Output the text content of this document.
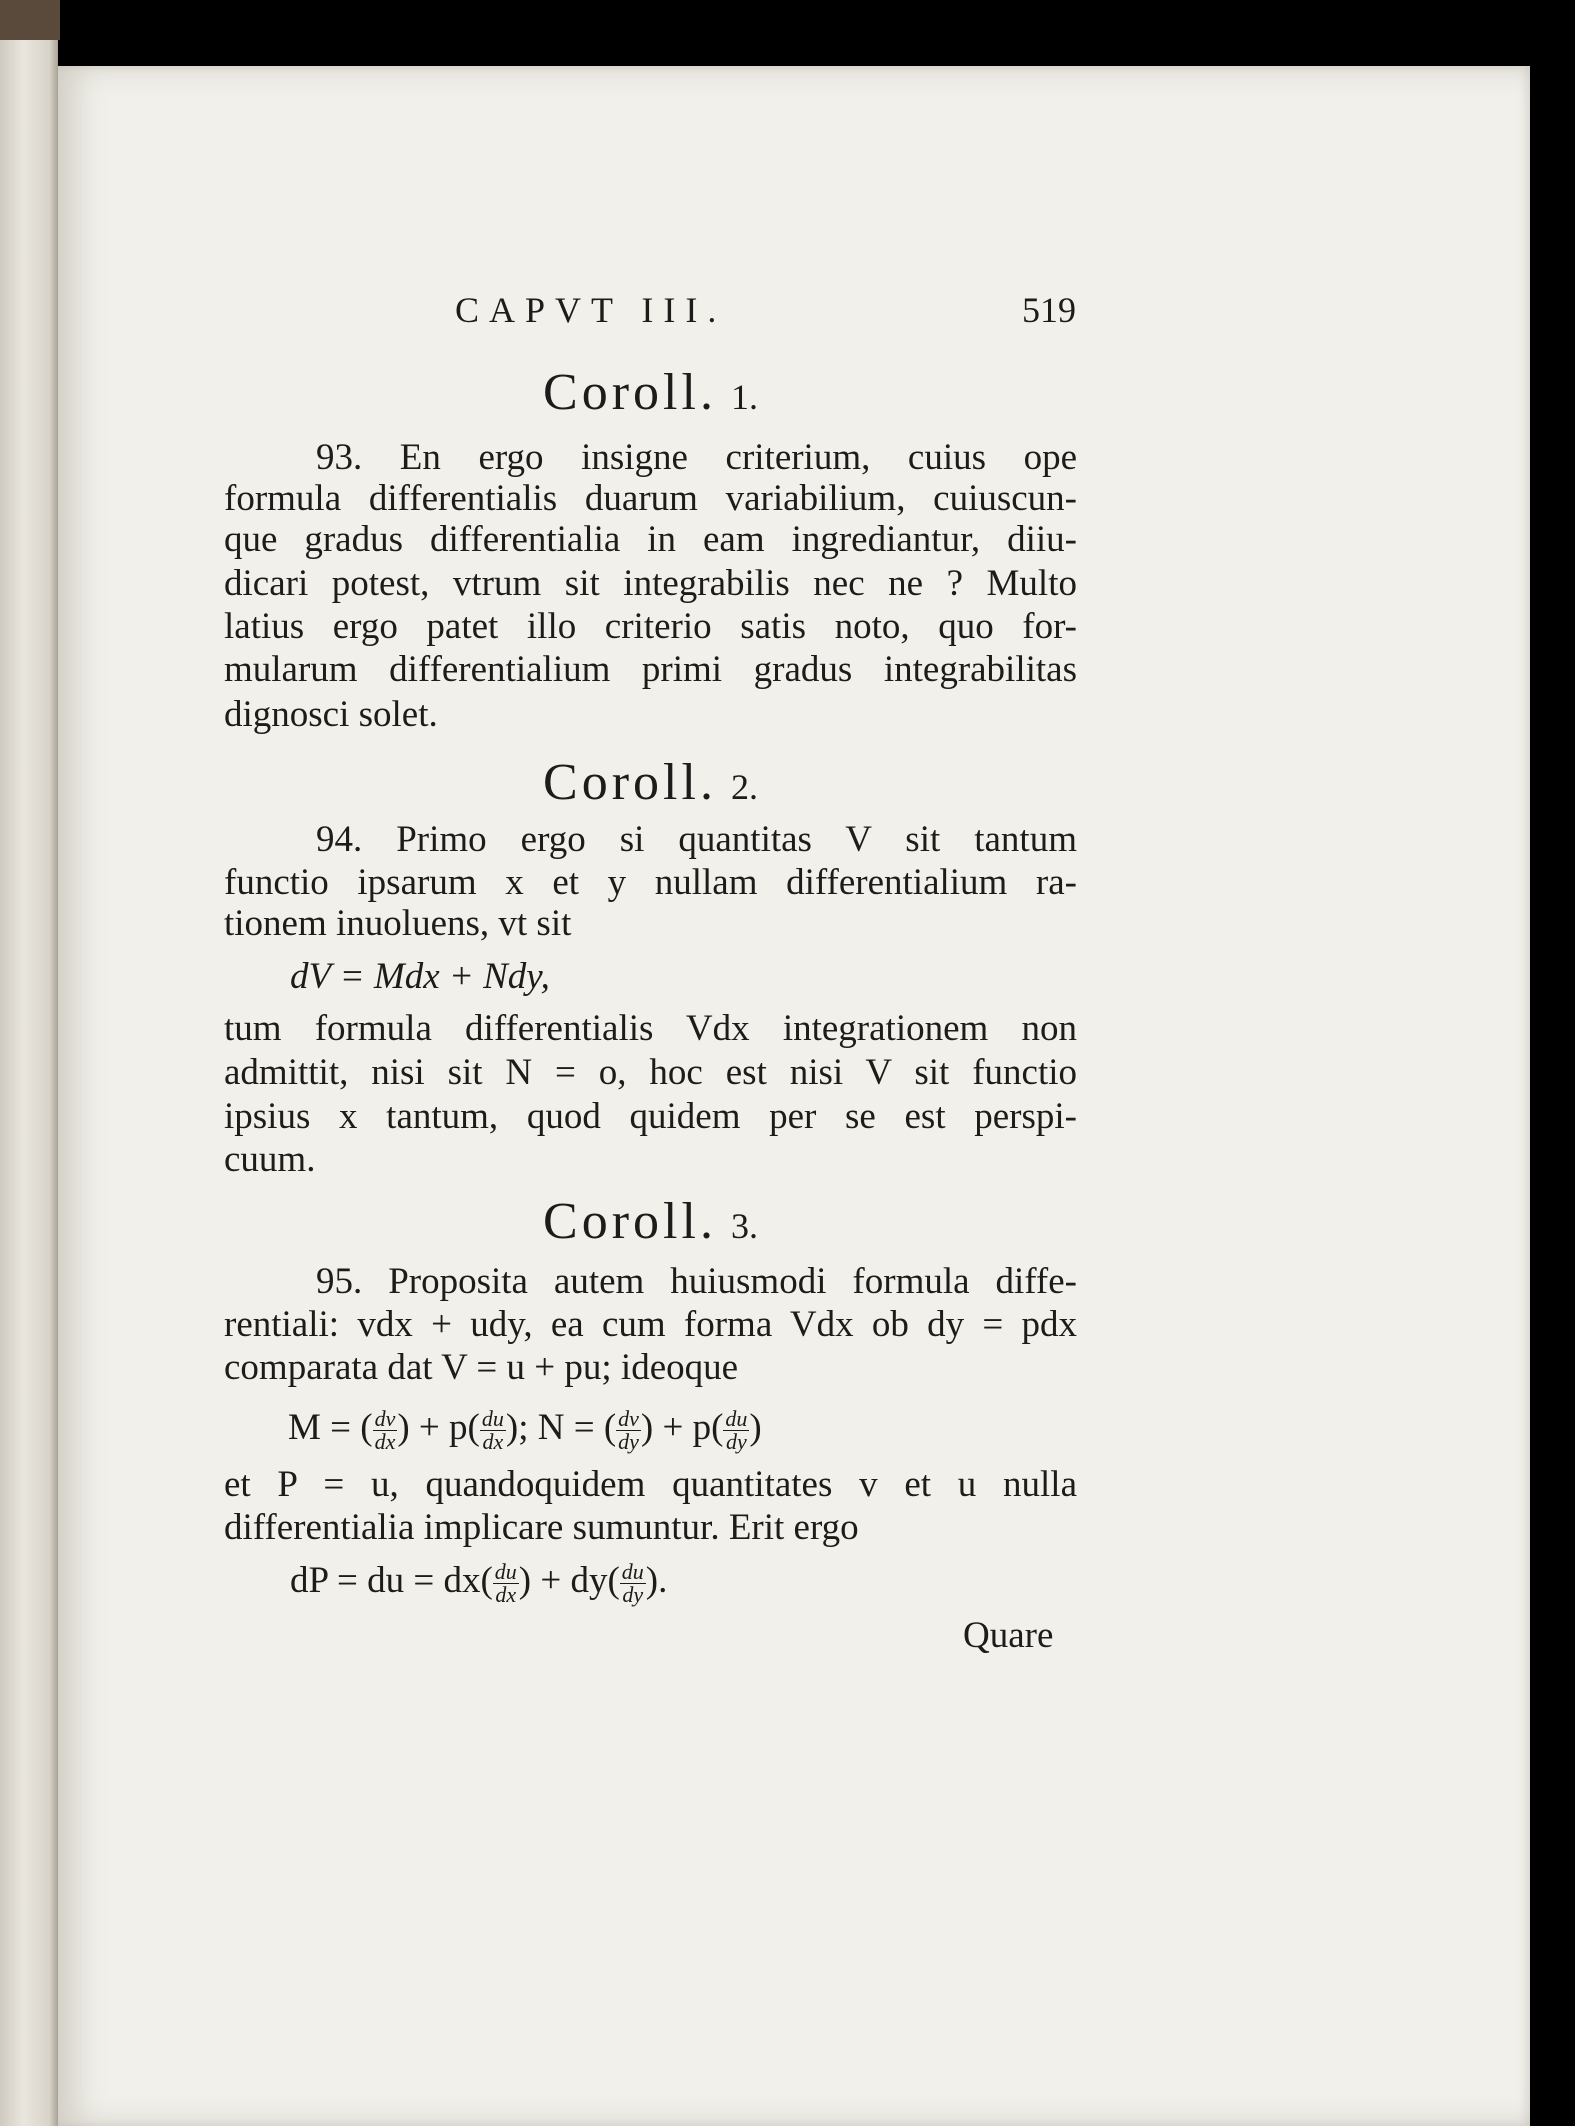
CAPVT III.	519
Coroll. 1.
93. En ergo insigne criterium, cuius ope
formula differentialis duarum variabilium, cuiuscun-
que gradus differentialia in eam ingrediantur, diiu-
dicari potest, vtrum sit integrabilis nec ne ? Multo
latius ergo patet illo criterio satis noto, quo for-
mularum differentialium primi gradus integrabilitas
dignosci solet.
Coroll. 2.
94. Primo ergo si quantitas V sit tantum
functio ipsarum x et y nullam differentialium ra-
tionem inuoluens, vt sit
dV = Mdx + Ndy,
tum formula differentialis Vdx integrationem non
admittit, nisi sit N = o, hoc est nisi V sit functio
ipsius x tantum, quod quidem per se est perspi-
cuum.
Coroll. 3.
95. Proposita autem huiusmodi formula diffe-
rentiali: vdx + udy, ea cum forma Vdx ob dy = pdx
comparata dat V = u + pu; ideoque
M = ( $\frac{dv}{dx}$ ) + $p( \frac{du}{dx}$ ); N = ( $\frac{dv}{dy}$ ) + $p( \frac{du}{dy}$ )
et P = u, quandoquidem quantitates v et u nulla
differentialia implicare sumuntur. Erit ergo
dP = du = $dx( \frac{du}{dx}$ ) + $dy( \frac{du}{dy}$ ).
Quare
